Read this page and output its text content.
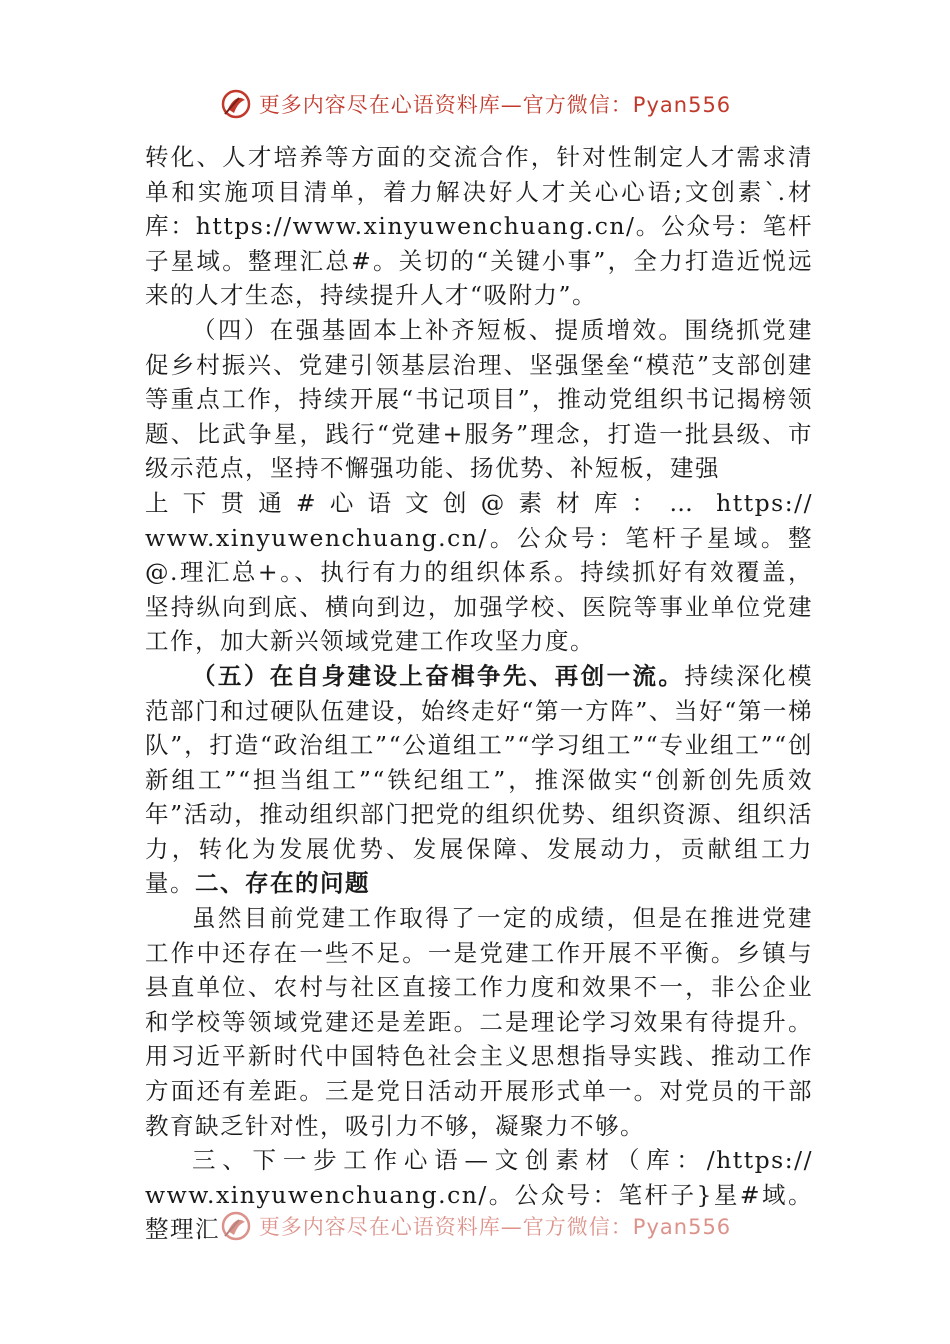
更多内容尽在心语资料库—官方微信：Pyan556

转化、人才培养等方面的交流合作，针对性制定人才需求清单和实施项目清单，着力解决好人才关心心语;文创素`.材库：https://www.xinyuwenchuang.cn/。公众号：笔杆子星域。整理汇总#。关切的“关键小事”，全力打造近悦远来的人才生态，持续提升人才“吸附力”。

（四）在强基固本上补齐短板、提质增效。围绕抓党建促乡村振兴、党建引领基层治理、坚强堡垒“模范”支部创建等重点工作，持续开展“书记项目”，推动党组织书记揭榜领题、比武争星，践行“党建+服务”理念，打造一批县级、市级示范点，坚持不懈强功能、扬优势、补短板，建强

上下贯通#心语文创@素材库：… https://

www.xinyuwenchuang.cn/。公众号：笔杆子星域。整@.理汇总+。、执行有力的组织体系。持续抓好有效覆盖，坚持纵向到底、横向到边，加强学校、医院等事业单位党建工作，加大新兴领域党建工作攻坚力度。

（五）在自身建设上奋楫争先、再创一流。持续深化模范部门和过硬队伍建设，始终走好“第一方阵”、当好“第一梯队”，打造“政治组工”“公道组工”“学习组工”“专业组工”“创新组工”“担当组工”“铁纪组工”，推深做实“创新创先质效年”活动，推动组织部门把党的组织优势、组织资源、组织活力，转化为发展优势、发展保障、发展动力，贡献组工力量。二、存在的问题

虽然目前党建工作取得了一定的成绩，但是在推进党建工作中还存在一些不足。一是党建工作开展不平衡。乡镇与县直单位、农村与社区直接工作力度和效果不一，非公企业和学校等领域党建还是差距。二是理论学习效果有待提升。用习近平新时代中国特色社会主义思想指导实践、推动工作方面还有差距。三是党日活动开展形式单一。对党员的干部教育缺乏针对性，吸引力不够，凝聚力不够。

三、下一步工作心语—文创素材（库：/https://

www.xinyuwenchuang.cn/。公众号：笔杆子}星#域。整理汇	更多内容尽在心语资料库—官方微信：Pyan556
